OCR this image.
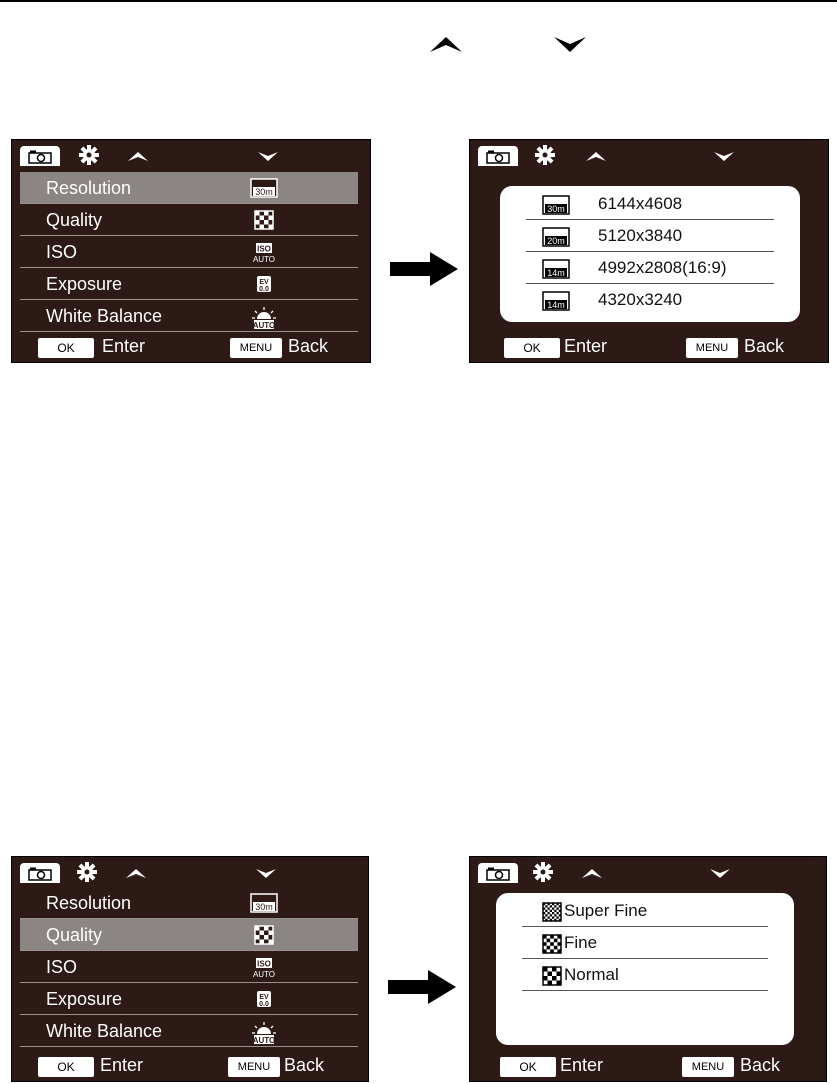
Resolution	30m
Quality
ISO	ISO
AUTO
Exposure	EV
0.0
White Balance	AUTO
OK	Enter	MENU Back
30m 6144x4608
20m 5120x3840
14m 4992x2808(16:9)
14m 4320x3240
OK	Enter	MENU Back
Resolution	30m
Quality
ISO	ISO
AUTO
Exposure	EV
0.0
White Balance	AUTO
OK	Enter	MENU Back
Super Fine
Fine
Normal
OK	Enter	MENU Back
